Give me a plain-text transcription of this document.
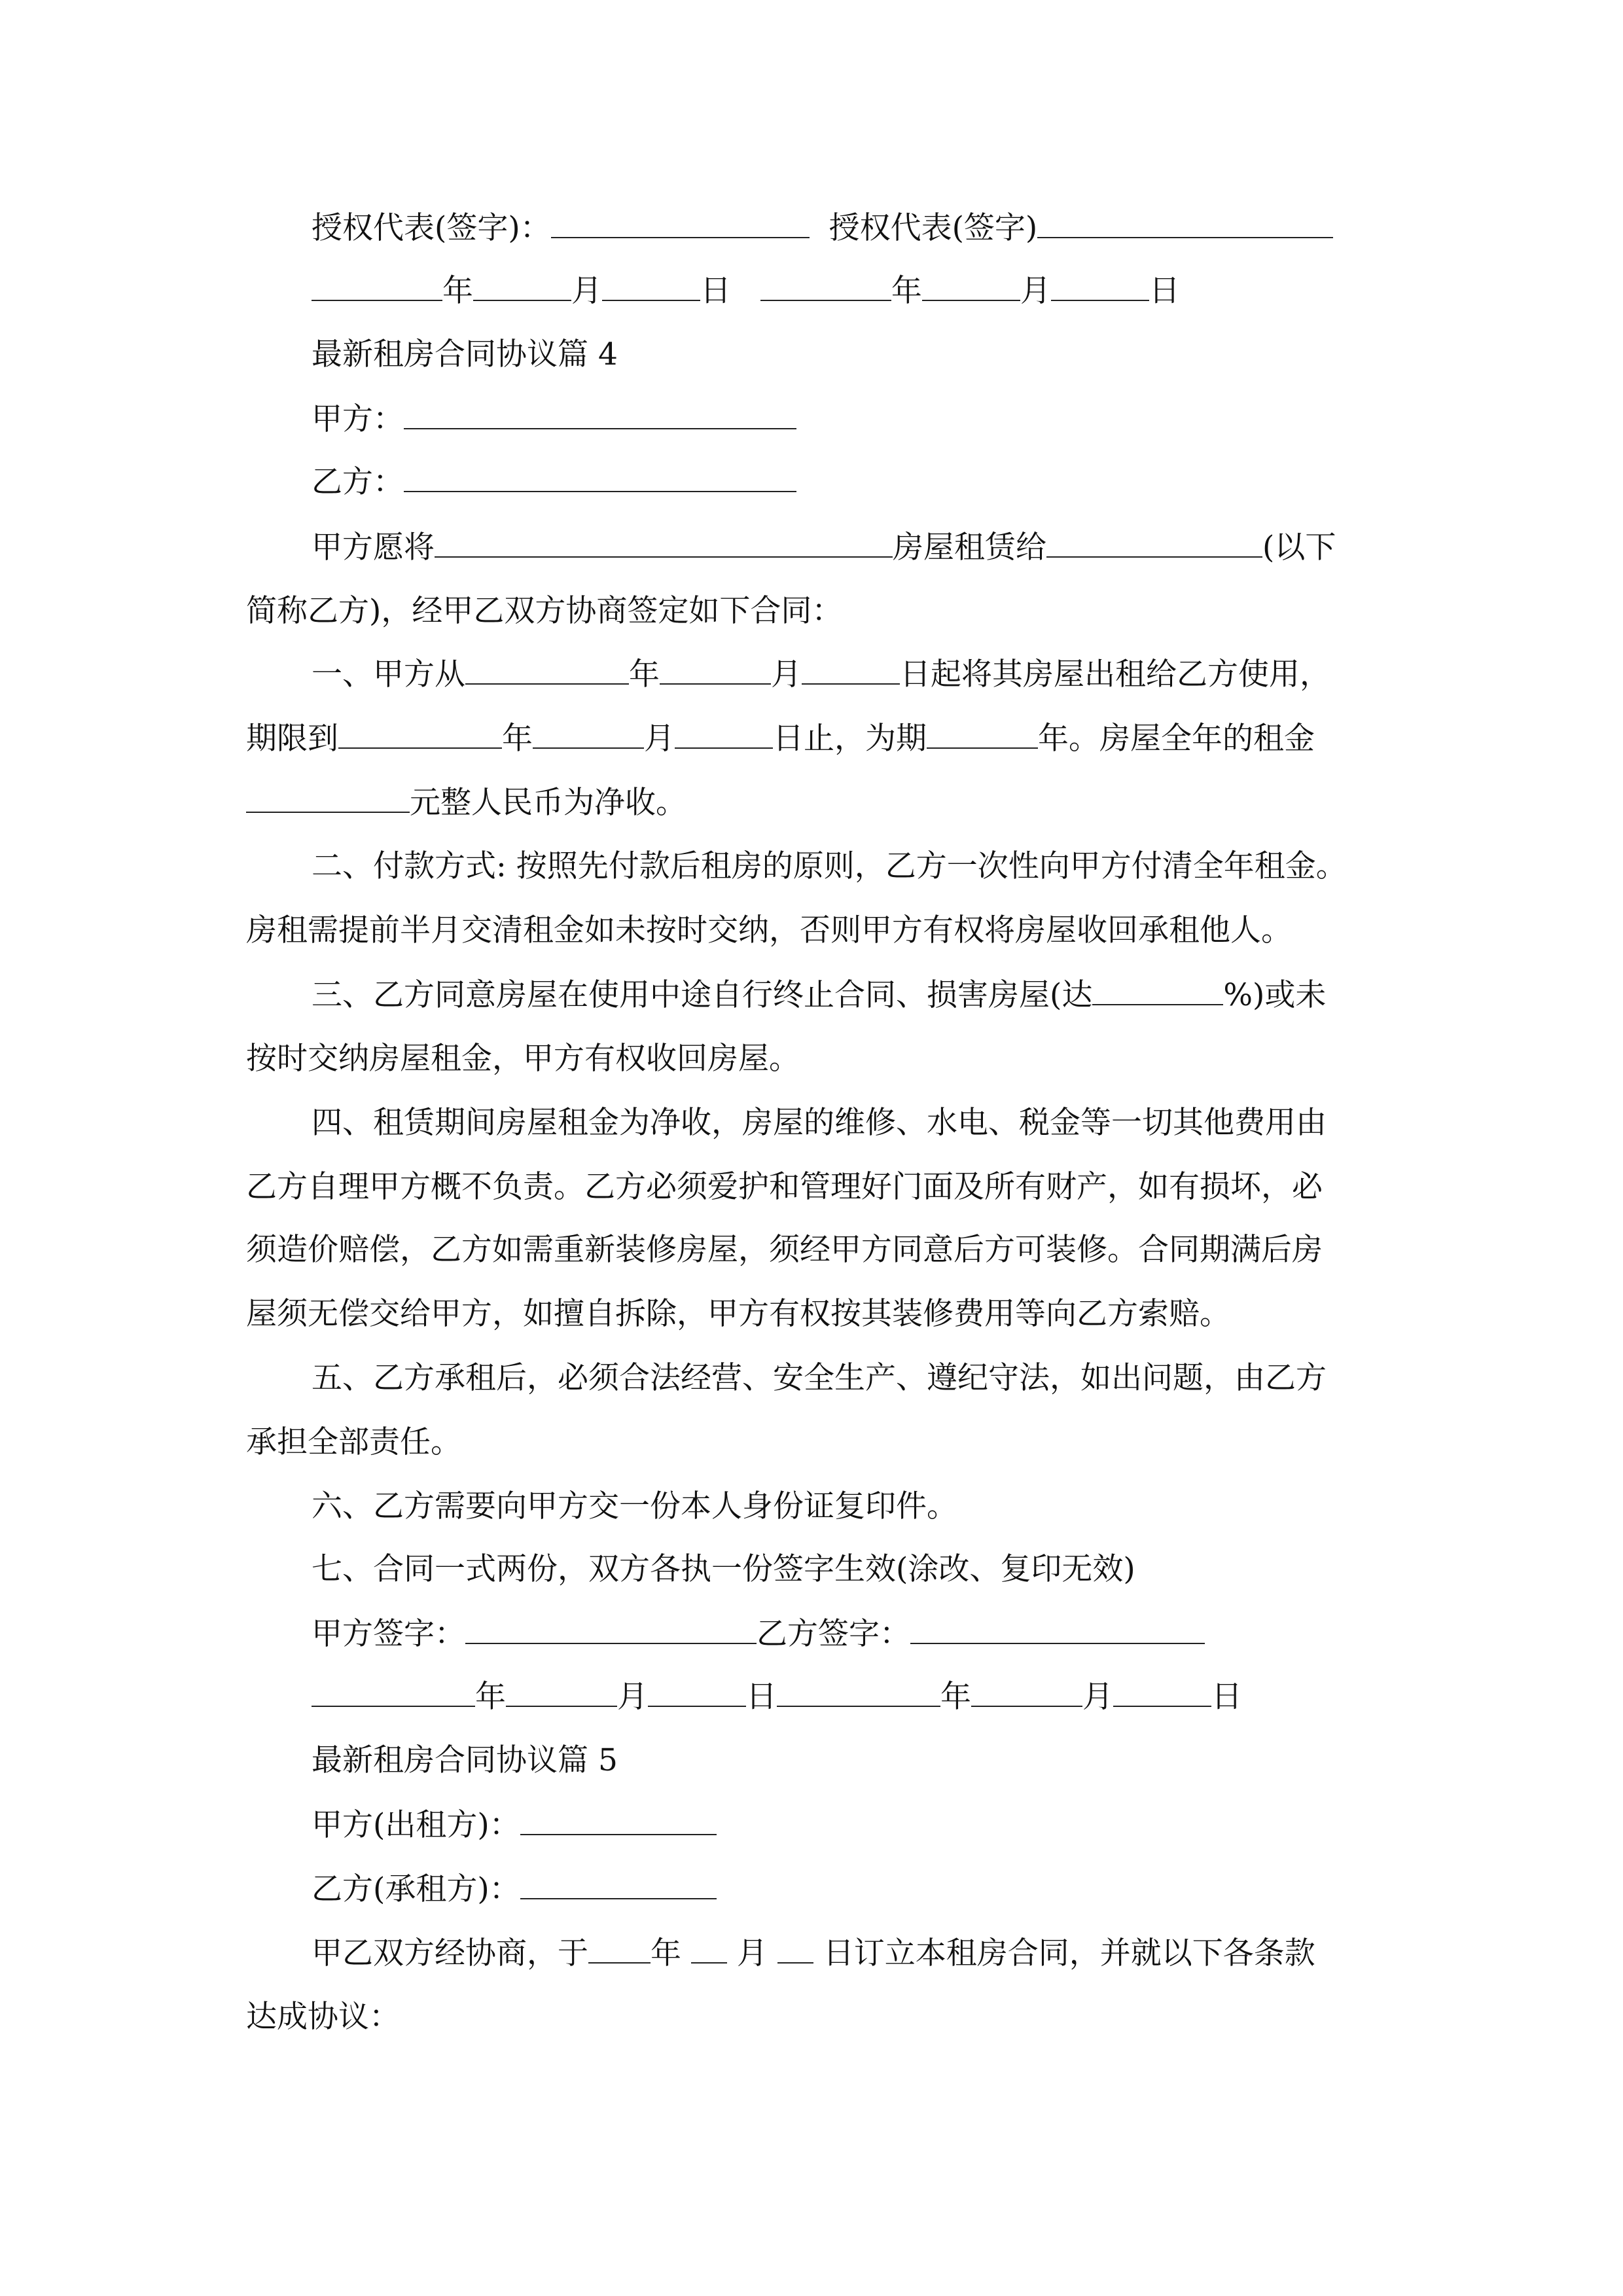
授权代表(签字)：	授权代表(签字)
年	月	日	年	月	日
最新租房合同协议篇 4
甲方：
乙方：
甲方愿将	房屋租赁给	(以下
简称乙方)，经甲乙双方协商签定如下合同：
一、甲方从	年	月	日起将其房屋出租给乙方使用，
期限到	年	月	日止，为期	年。房屋全年的租金
元整人民币为净收。
二、付款方式: 按照先付款后租房的原则，乙方一次性向甲方付清全年租金。
房租需提前半月交清租金如未按时交纳，否则甲方有权将房屋收回承租他人。
三、乙方同意房屋在使用中途自行终止合同、损害房屋(达	%)或未
按时交纳房屋租金，甲方有权收回房屋。
四、租赁期间房屋租金为净收，房屋的维修、水电、税金等一切其他费用由
乙方自理甲方概不负责。乙方必须爱护和管理好门面及所有财产，如有损坏，必
须造价赔偿，乙方如需重新装修房屋，须经甲方同意后方可装修。合同期满后房
屋须无偿交给甲方，如擅自拆除，甲方有权按其装修费用等向乙方索赔。
五、乙方承租后，必须合法经营、安全生产、遵纪守法，如出问题，由乙方
承担全部责任。
六、乙方需要向甲方交一份本人身份证复印件。
七、合同一式两份，双方各执一份签字生效(涂改、复印无效)
甲方签字：	乙方签字：
年	月	日	年	月	日
最新租房合同协议篇 5
甲方(出租方)：
乙方(承租方)：
甲乙双方经协商，于 年 月 日订立本租房合同，并就以下各条款
达成协议：
